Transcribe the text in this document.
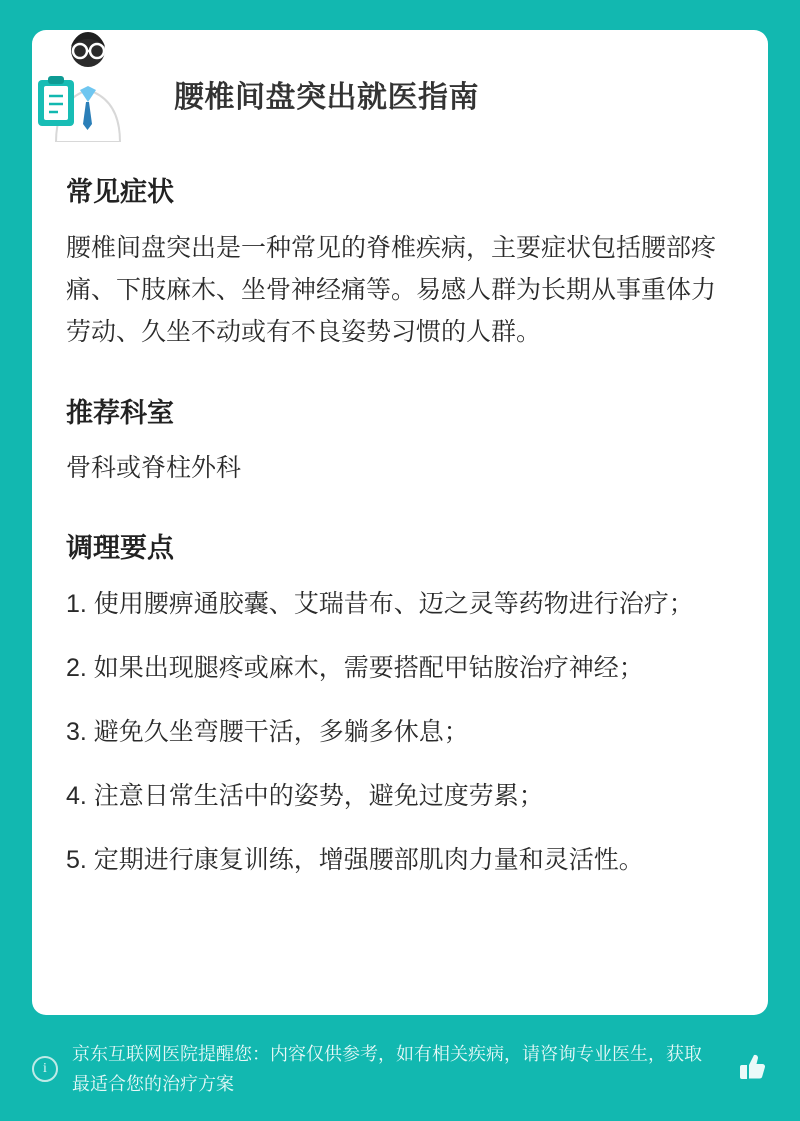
腰椎间盘突出就医指南
常见症状

腰椎间盘突出是一种常见的脊椎疾病，主要症状包括腰部疼痛、下肢麻木、坐骨神经痛等。易感人群为长期从事重体力劳动、久坐不动或有不良姿势习惯的人群。

推荐科室

骨科或脊柱外科

调理要点
1. 使用腰痹通胶囊、艾瑞昔布、迈之灵等药物进行治疗；
2. 如果出现腿疼或麻木，需要搭配甲钴胺治疗神经；
3. 避免久坐弯腰干活，多躺多休息；
4. 注意日常生活中的姿势，避免过度劳累；
5. 定期进行康复训练，增强腰部肌肉力量和灵活性。
i
京东互联网医院提醒您：内容仅供参考，如有相关疾病，请咨询专业医生，获取最适合您的治疗方案
